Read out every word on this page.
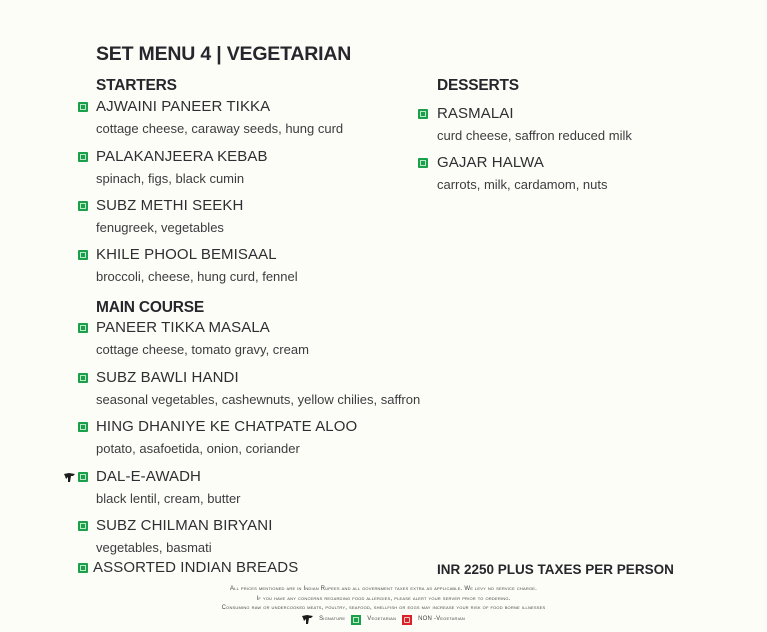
SET MENU 4 | VEGETARIAN
STARTERS
AJWAINI PANEER TIKKA
cottage cheese, caraway seeds, hung curd
PALAKANJEERA KEBAB
spinach, figs, black cumin
SUBZ METHI SEEKH
fenugreek, vegetables
KHILE PHOOL BEMISAAL
broccoli, cheese, hung curd, fennel
MAIN COURSE
PANEER TIKKA MASALA
cottage cheese, tomato gravy, cream
SUBZ BAWLI HANDI
seasonal vegetables, cashewnuts, yellow chilies, saffron
HING DHANIYE KE CHATPATE ALOO
potato, asafoetida, onion, coriander
DAL-E-AWADH
black lentil, cream, butter
SUBZ CHILMAN BIRYANI
vegetables, basmati
ASSORTED INDIAN BREADS
DESSERTS
RASMALAI
curd cheese, saffron reduced milk
GAJAR HALWA
carrots, milk, cardamom, nuts
INR 2250 PLUS TAXES PER PERSON
All prices mentioned are in Indian Rupees and all government taxes extra as applicable. We levy no service charge.
If you have any concerns regarding food allergies, please alert your server prior to ordering.
Consuming raw or undercooked meats, poultry, seafood, shellfish or eggs may increase your risk of food borne illnesses
Signature	Vegetarian	NON -Vegetarian
